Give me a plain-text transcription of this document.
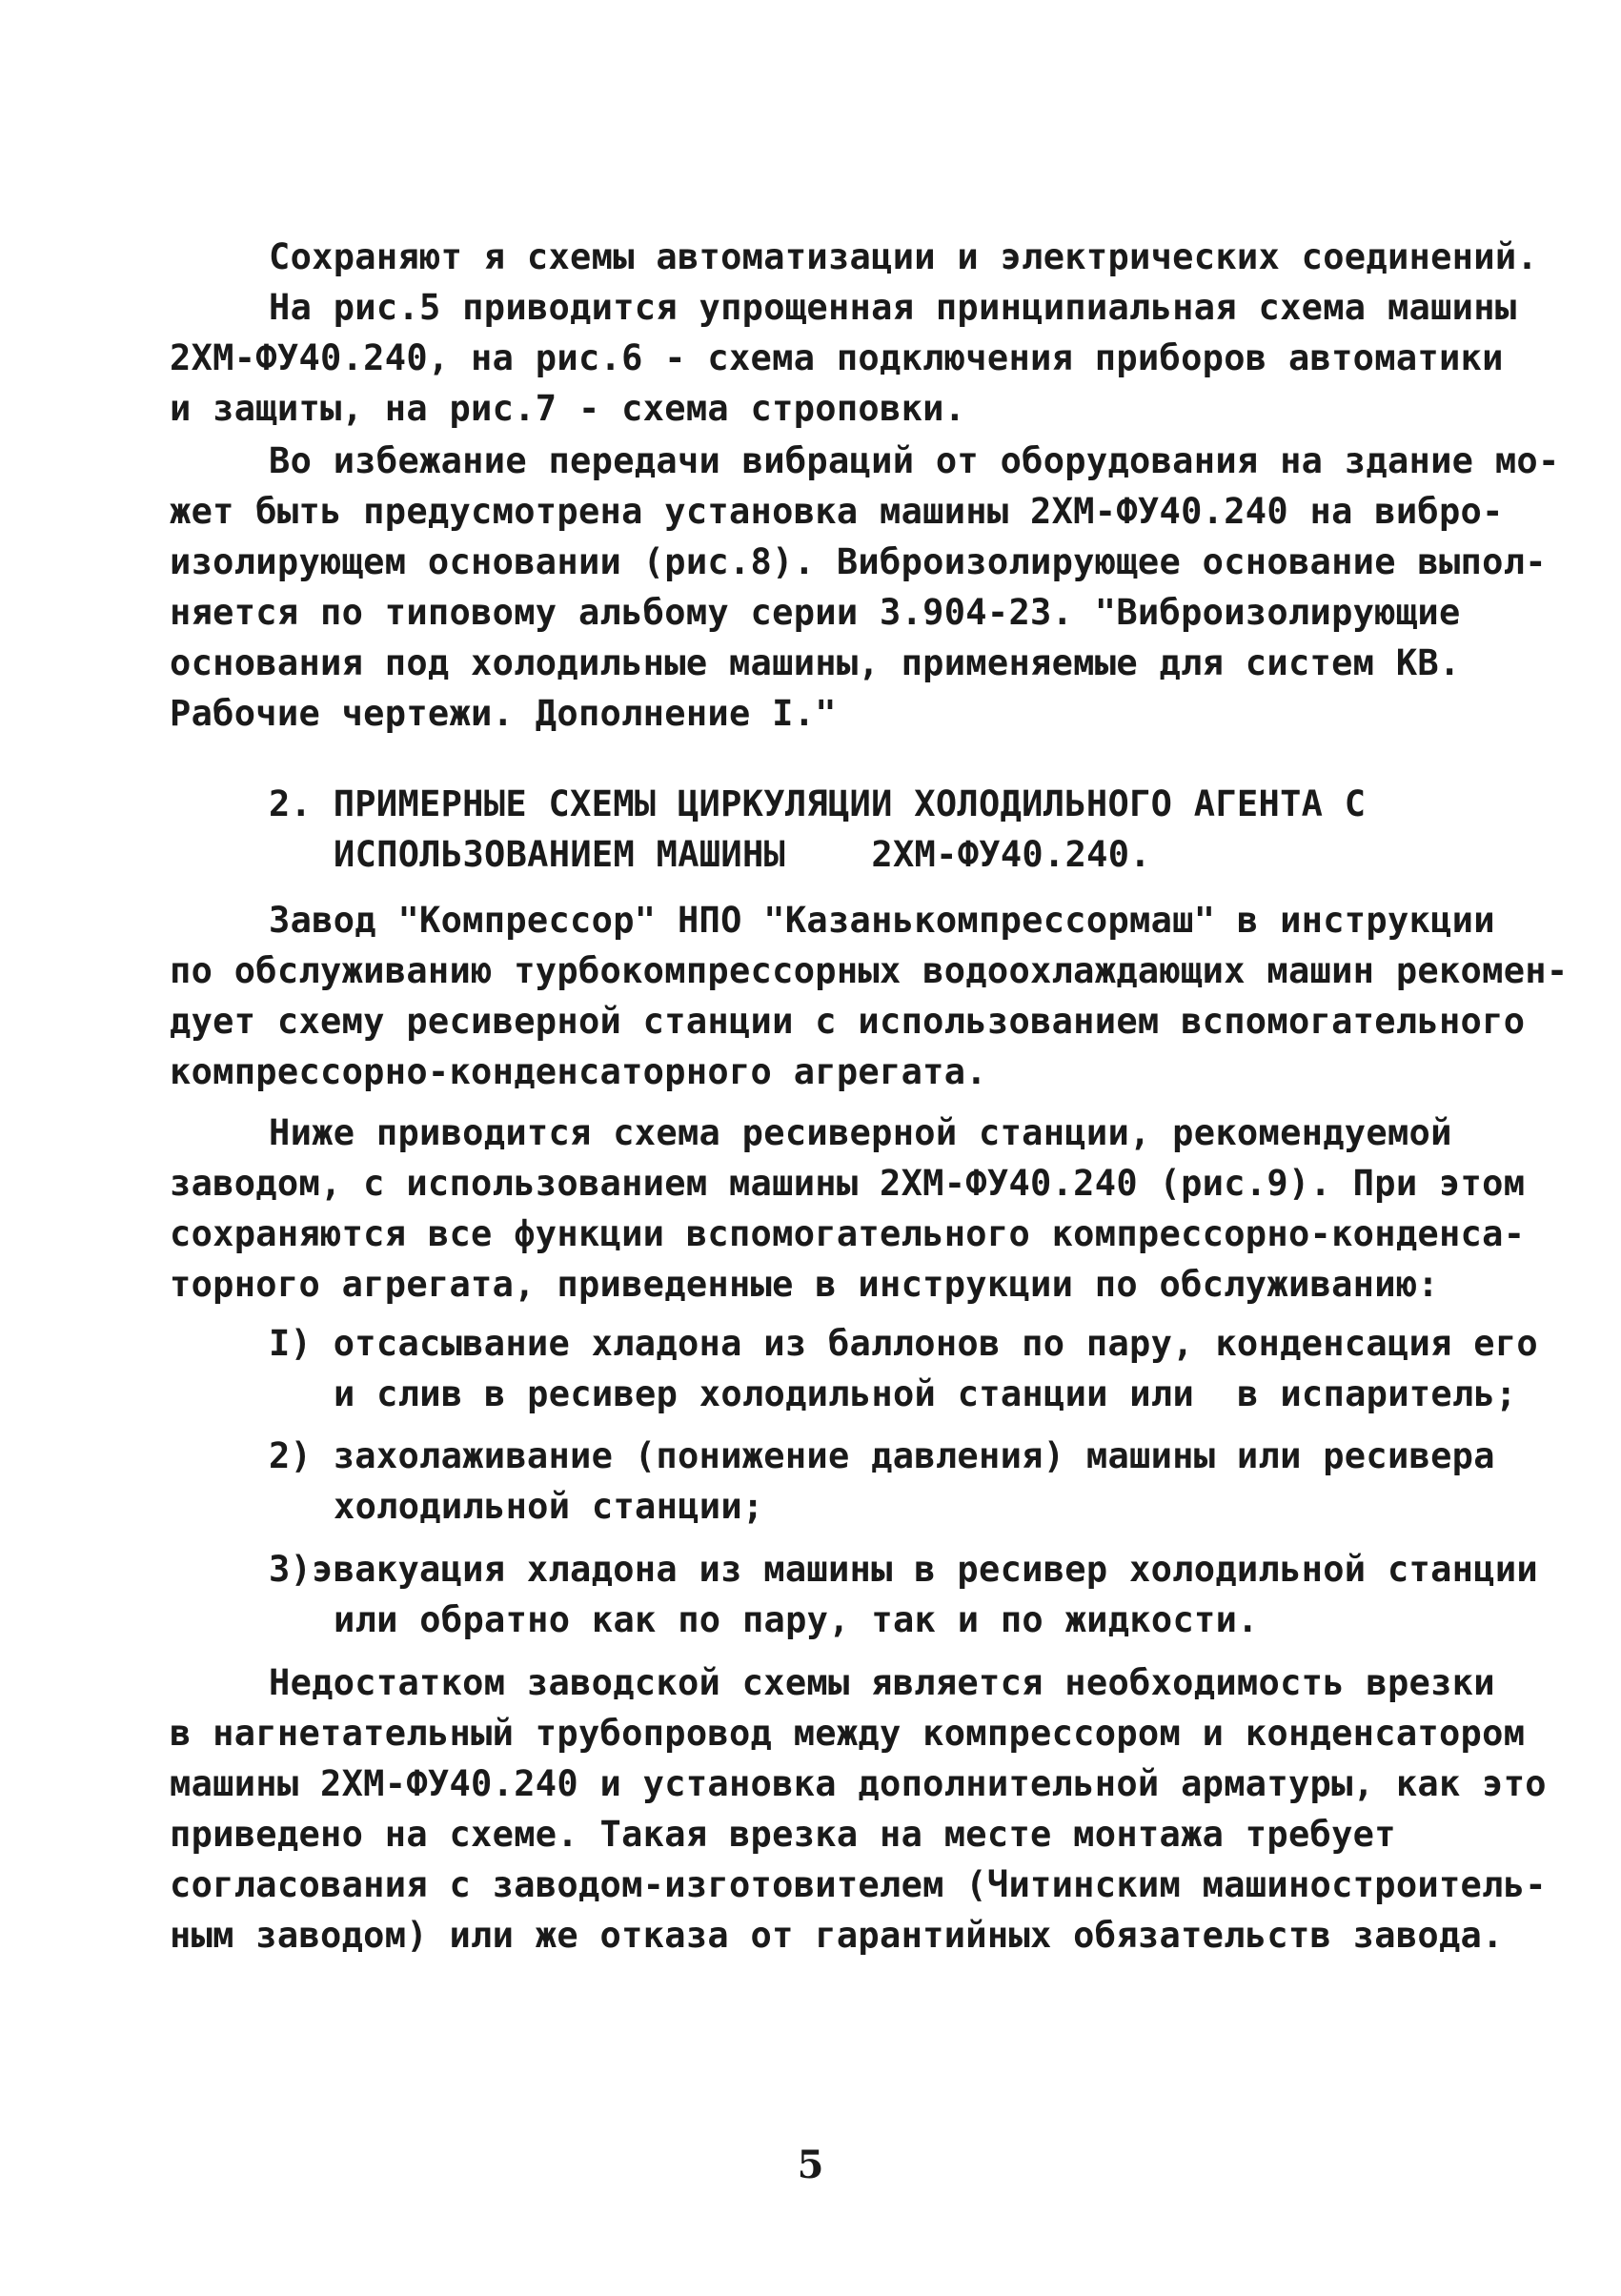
Сохраняют я схемы автоматизации и электрических соединений.
На рис.5 приводится упрощенная принципиальная схема машины
2ХМ-ФУ40.240, на рис.6 - схема подключения приборов автоматики
и защиты, на рис.7 - схема строповки.
Во избежание передачи вибраций от оборудования на здание мо-
жет быть предусмотрена установка машины 2ХМ-ФУ40.240 на вибро-
изолирующем основании (рис.8). Виброизолирующее основание выпол-
няется по типовому альбому серии 3.904-23. "Виброизолирующие
основания под холодильные машины, применяемые для систем КВ.
Рабочие чертежи. Дополнение I."
2. ПРИМЕРНЫЕ СХЕМЫ ЦИРКУЛЯЦИИ ХОЛОДИЛЬНОГО АГЕНТА С
ИСПОЛЬЗОВАНИЕМ МАШИНЫ    2ХМ-ФУ40.240.
Завод "Компрессор" НПО "Казанькомпрессормаш" в инструкции
по обслуживанию турбокомпрессорных водоохлаждающих машин рекомен-
дует схему ресиверной станции с использованием вспомогательного
компрессорно-конденсаторного агрегата.
Ниже приводится схема ресиверной станции, рекомендуемой
заводом, с использованием машины 2ХМ-ФУ40.240 (рис.9). При этом
сохраняются все функции вспомогательного компрессорно-конденса-
торного агрегата, приведенные в инструкции по обслуживанию:
I) отсасывание хладона из баллонов по пару, конденсация его
и слив в ресивер холодильной станции или  в испаритель;
2) захолаживание (понижение давления) машины или ресивера
холодильной станции;
3)эвакуация хладона из машины в ресивер холодильной станции
или обратно как по пару, так и по жидкости.
Недостатком заводской схемы является необходимость врезки
в нагнетательный трубопровод между компрессором и конденсатором
машины 2ХМ-ФУ40.240 и установка дополнительной арматуры, как это
приведено на схеме. Такая врезка на месте монтажа требует
согласования с заводом-изготовителем (Читинским машиностроитель-
ным заводом) или же отказа от гарантийных обязательств завода.
5
